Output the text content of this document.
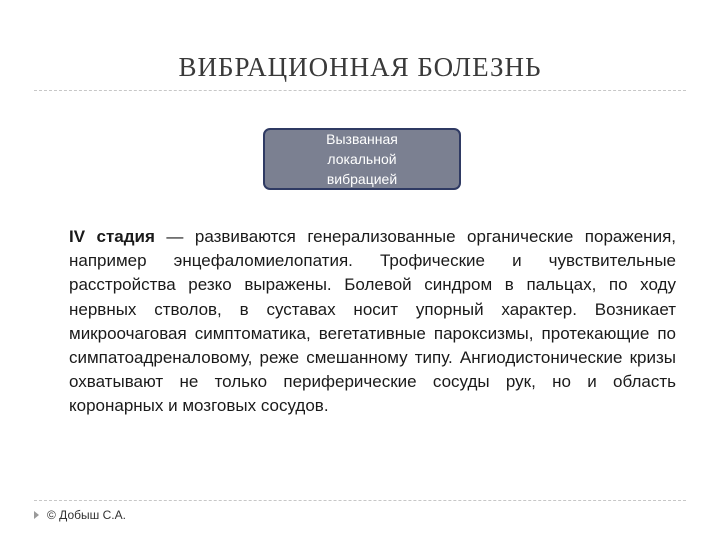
ВИБРАЦИОННАЯ БОЛЕЗНЬ
Вызванная
локальной
вибрацией
IV стадия — развиваются генерализованные органические поражения, например энцефаломиелопатия. Трофические и чувствительные расстройства резко выражены. Болевой синдром в пальцах, по ходу нервных стволов, в суставах носит упорный характер. Возникает микроочаговая симптоматика, вегетативные пароксизмы, протекающие по симпатоадреналовому, реже смешанному типу. Ангиодистонические кризы охватывают не только периферические сосуды рук, но и область коронарных и мозговых сосудов.
© Добыш С.А.
